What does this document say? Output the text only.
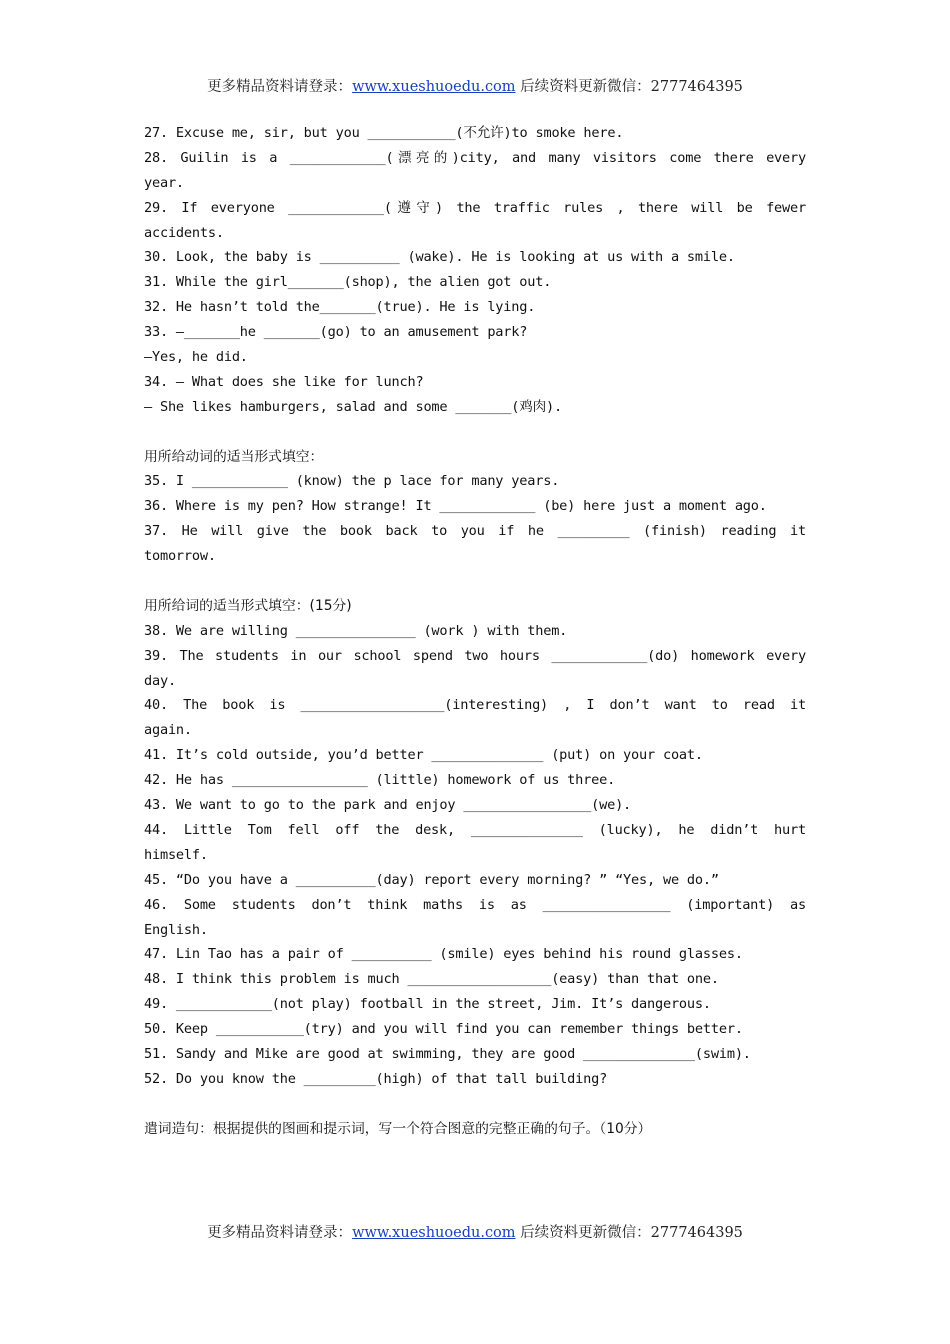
更多精品资料请登录：www.xueshuoedu.com 后续资料更新微信：2777464395
27. Excuse me, sir, but you ___________(不允许)to smoke here.
28. Guilin is a ____________(漂亮的)city, and many visitors come there every
year.
29. If everyone ____________(遵守) the traffic rules , there will be fewer
accidents.
30. Look, the baby is __________ (wake). He is looking at us with a smile.
31. While the girl_______(shop), the alien got out.
32. He hasn’t told the_______(true). He is lying.
33. —_______he _______(go) to an amusement park?
—Yes, he did.
34. — What does she like for lunch?
— She likes hamburgers, salad and some _______(鸡肉).
用所给动词的适当形式填空：
35. I ____________ (know) the p lace for many years.
36. Where is my pen? How strange! It ____________ (be) here just a moment ago.
37. He will give the book back to you if he _________ (finish) reading it
tomorrow.
用所给词的适当形式填空：(15分)
38. We are willing _______________ (work ) with them.
39. The students in our school spend two hours ____________(do) homework every
day.
40. The book is __________________(interesting) , I don’t want to read it
again.
41. It’s cold outside, you’d better ______________ (put) on your coat.
42. He has _________________ (little) homework of us three.
43. We want to go to the park and enjoy ________________(we).
44. Little Tom fell off the desk, ______________ (lucky), he didn’t hurt
himself.
45. “Do you have a __________(day) report every morning? ” “Yes, we do.”
46. Some students don’t think maths is as ________________ (important) as
English.
47. Lin Tao has a pair of __________ (smile) eyes behind his round glasses.
48. I think this problem is much __________________(easy) than that one.
49. ____________(not play) football in the street, Jim. It’s dangerous.
50. Keep ___________(try) and you will find you can remember things better.
51. Sandy and Mike are good at swimming, they are good ______________(swim).
52. Do you know the _________(high) of that tall building?
遣词造句：根据提供的图画和提示词，写一个符合图意的完整正确的句子。（10分）
更多精品资料请登录：www.xueshuoedu.com 后续资料更新微信：2777464395
